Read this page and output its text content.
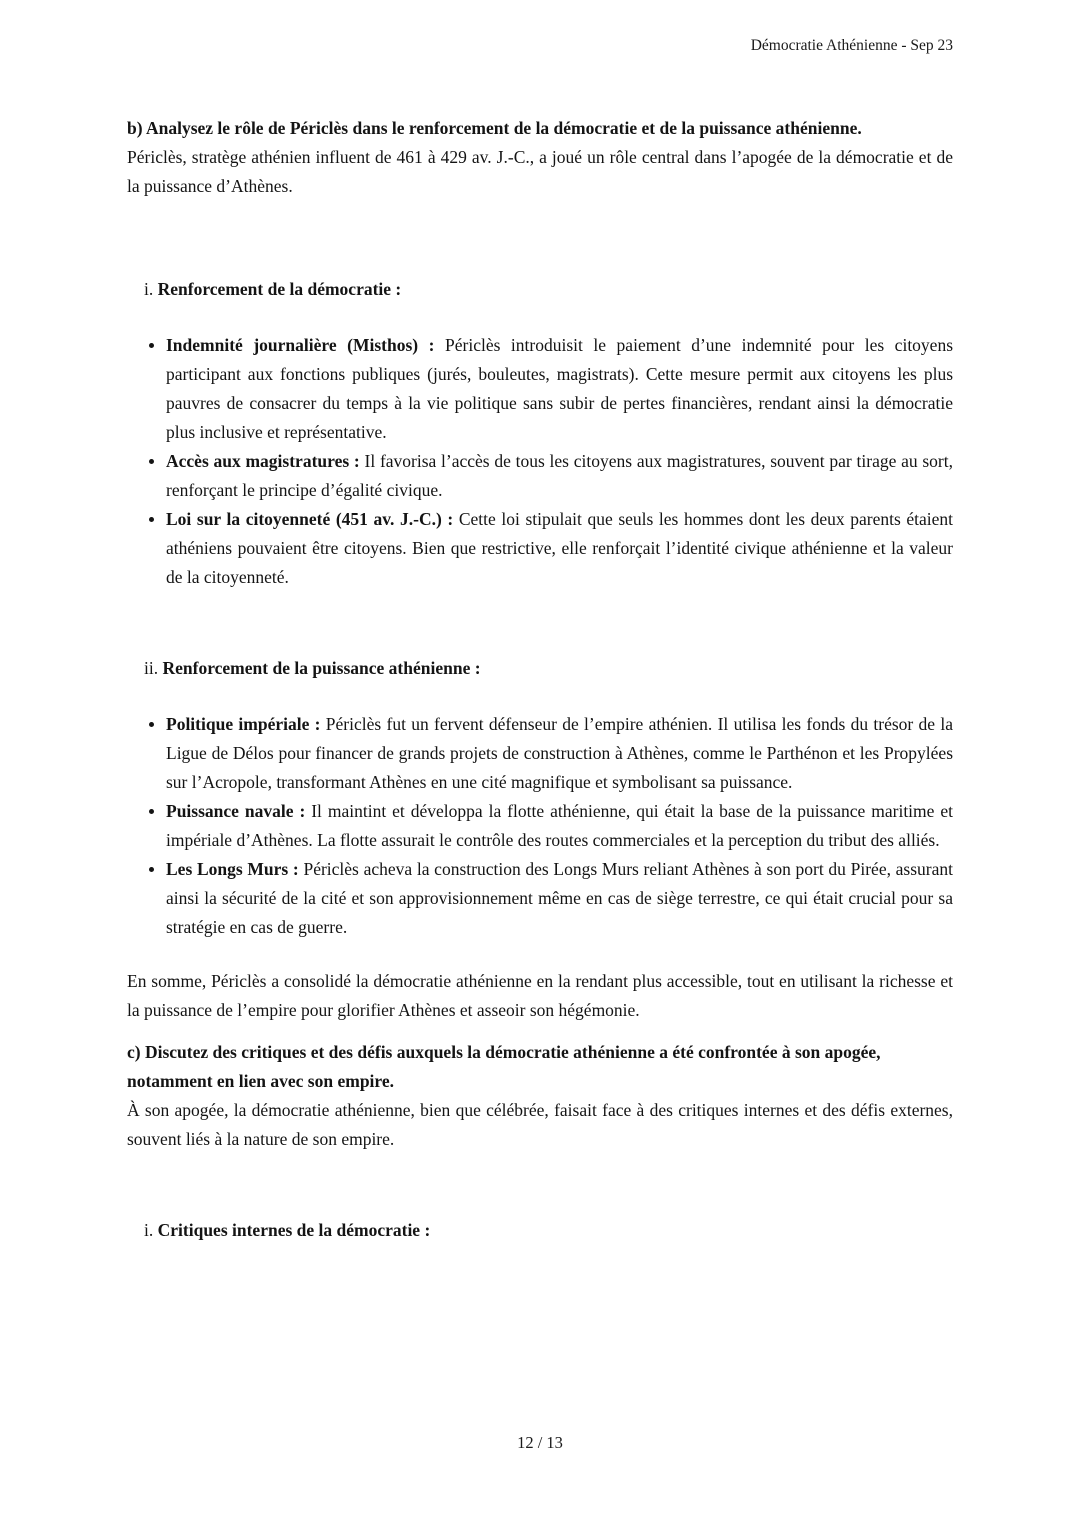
Démocratie Athénienne - Sep 23

b) Analysez le rôle de Périclès dans le renforcement de la démocratie et de la puissance athénienne.

Périclès, stratège athénien influent de 461 à 429 av. J.-C., a joué un rôle central dans l’apogée de la démocratie et de la puissance d’Athènes.

i. Renforcement de la démocratie :

Indemnité journalière (Misthos) : Périclès introduisit le paiement d’une indemnité pour les citoyens participant aux fonctions publiques (jurés, bouleutes, magistrats). Cette mesure permit aux citoyens les plus pauvres de consacrer du temps à la vie politique sans subir de pertes financières, rendant ainsi la démocratie plus inclusive et représentative.
Accès aux magistratures : Il favorisa l’accès de tous les citoyens aux magistratures, souvent par tirage au sort, renforçant le principe d’égalité civique.
Loi sur la citoyenneté (451 av. J.-C.) : Cette loi stipulait que seuls les hommes dont les deux parents étaient athéniens pouvaient être citoyens. Bien que restrictive, elle renforçait l’identité civique athénienne et la valeur de la citoyenneté.

ii. Renforcement de la puissance athénienne :

Politique impériale : Périclès fut un fervent défenseur de l’empire athénien. Il utilisa les fonds du trésor de la Ligue de Délos pour financer de grands projets de construction à Athènes, comme le Parthénon et les Propylées sur l’Acropole, transformant Athènes en une cité magnifique et symbolisant sa puissance.
Puissance navale : Il maintint et développa la flotte athénienne, qui était la base de la puissance maritime et impériale d’Athènes. La flotte assurait le contrôle des routes commerciales et la perception du tribut des alliés.
Les Longs Murs : Périclès acheva la construction des Longs Murs reliant Athènes à son port du Pirée, assurant ainsi la sécurité de la cité et son approvisionnement même en cas de siège terrestre, ce qui était crucial pour sa stratégie en cas de guerre.

En somme, Périclès a consolidé la démocratie athénienne en la rendant plus accessible, tout en utilisant la richesse et la puissance de l’empire pour glorifier Athènes et asseoir son hégémonie.

c) Discutez des critiques et des défis auxquels la démocratie athénienne a été confrontée à son apogée, notamment en lien avec son empire.

À son apogée, la démocratie athénienne, bien que célébrée, faisait face à des critiques internes et des défis externes, souvent liés à la nature de son empire.

i. Critiques internes de la démocratie :

12 / 13
